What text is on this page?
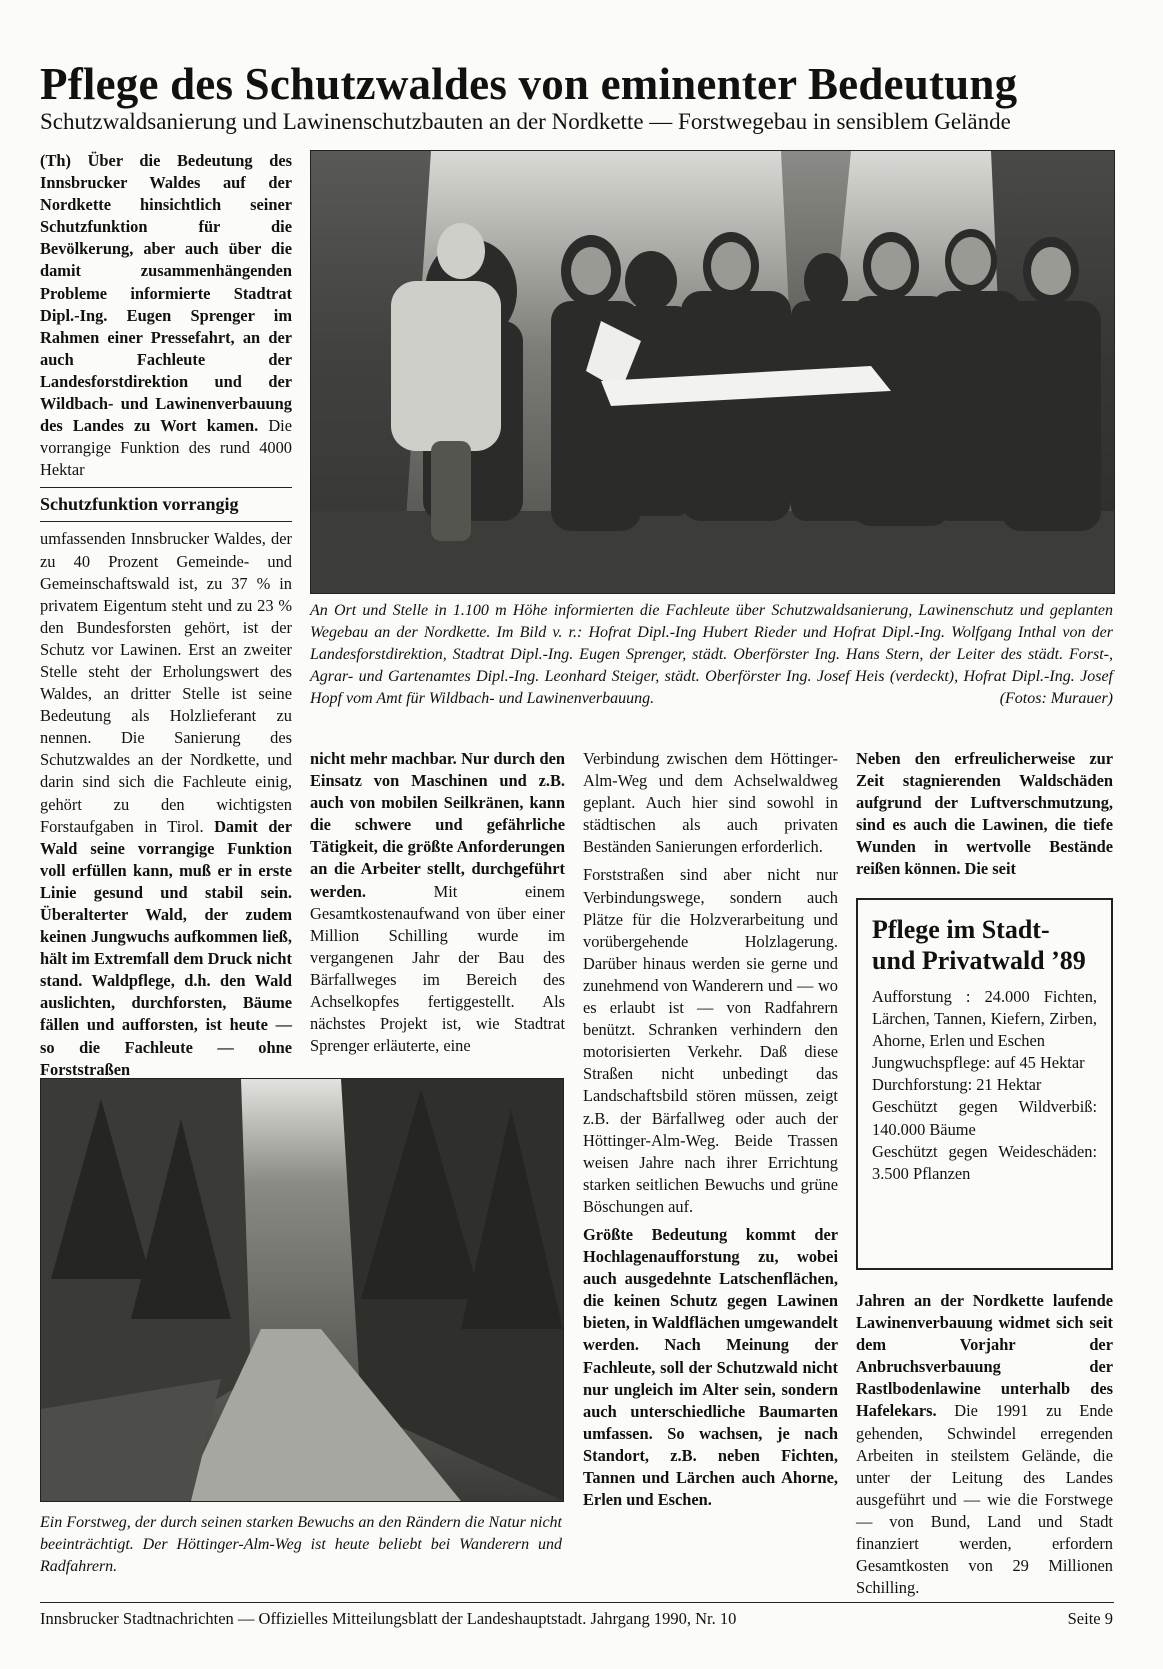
Pflege des Schutzwaldes von eminenter Bedeutung
Schutzwaldsanierung und Lawinenschutzbauten an der Nordkette — Forstwegebau in sensiblem Gelände

(Th) Über die Bedeutung des Innsbrucker Waldes auf der Nordkette hinsichtlich seiner Schutzfunktion für die Bevölkerung, aber auch über die damit zusammenhängenden Probleme informierte Stadtrat Dipl.-Ing. Eugen Sprenger im Rahmen einer Pressefahrt, an der auch Fachleute der Landesforstdirektion und der Wildbach- und Lawinenverbauung des Landes zu Wort kamen. Die vorrangige Funktion des rund 4000 Hektar

Schutzfunktion vorrangig

umfassenden Innsbrucker Waldes, der zu 40 Prozent Gemeinde- und Gemeinschaftswald ist, zu 37 % in privatem Eigentum steht und zu 23 % den Bundesforsten gehört, ist der Schutz vor Lawinen. Erst an zweiter Stelle steht der Erholungswert des Waldes, an dritter Stelle ist seine Bedeutung als Holzlieferant zu nennen. Die Sanierung des Schutzwaldes an der Nordkette, und darin sind sich die Fachleute einig, gehört zu den wichtigsten Forstaufgaben in Tirol. Damit der Wald seine vorrangige Funktion voll erfüllen kann, muß er in erste Linie gesund und stabil sein. Überalterter Wald, der zudem keinen Jungwuchs aufkommen ließ, hält im Extremfall dem Druck nicht stand. Waldpflege, d.h. den Wald auslichten, durchforsten, Bäume fällen und aufforsten, ist heute — so die Fachleute — ohne Forststraßen

An Ort und Stelle in 1.100 m Höhe informierten die Fachleute über Schutzwaldsanierung, Lawinenschutz und geplanten Wegebau an der Nordkette. Im Bild v. r.: Hofrat Dipl.-Ing Hubert Rieder und Hofrat Dipl.-Ing. Wolfgang Inthal von der Landesforstdirektion, Stadtrat Dipl.-Ing. Eugen Sprenger, städt. Oberförster Ing. Hans Stern, der Leiter des städt. Forst-, Agrar- und Gartenamtes Dipl.-Ing. Leonhard Steiger, städt. Oberförster Ing. Josef Heis (verdeckt), Hofrat Dipl.-Ing. Josef Hopf vom Amt für Wildbach- und Lawinenverbauung.	(Fotos: Murauer)

nicht mehr machbar. Nur durch den Einsatz von Maschinen und z.B. auch von mobilen Seilkränen, kann die schwere und gefährliche Tätigkeit, die größte Anforderungen an die Arbeiter stellt, durchgeführt werden.	Mit einem Gesamtkostenaufwand von über einer Million Schilling wurde im vergangenen Jahr der Bau des Bärfallweges im Bereich des Achselkopfes fertiggestellt. Als nächstes Projekt ist, wie Stadtrat Sprenger erläuterte, eine

Verbindung zwischen dem Höttinger-Alm-Weg und dem Achselwaldweg geplant. Auch hier sind sowohl in städtischen als auch privaten Beständen Sanierungen erforderlich.

Forststraßen sind aber nicht nur Verbindungswege, sondern auch Plätze für die Holzverarbeitung und vorübergehende Holzlagerung. Darüber hinaus werden sie gerne und zunehmend von Wanderern und — wo es erlaubt ist — von Radfahrern benützt. Schranken verhindern den motorisierten Verkehr. Daß diese Straßen nicht unbedingt das Landschaftsbild stören müssen, zeigt z.B. der Bärfallweg oder auch der Höttinger-Alm-Weg. Beide Trassen weisen Jahre nach ihrer Errichtung starken seitlichen Bewuchs und grüne Böschungen auf.

Größte Bedeutung kommt der Hochlagenaufforstung zu, wobei auch ausgedehnte Latschenflächen, die keinen Schutz gegen Lawinen bieten, in Waldflächen umgewandelt werden. Nach Meinung der Fachleute, soll der Schutzwald nicht nur ungleich im Alter sein, sondern auch unterschiedliche Baumarten umfassen. So wachsen, je nach Standort, z.B. neben Fichten, Tannen und Lärchen auch Ahorne, Erlen und Eschen.

Neben den erfreulicherweise zur Zeit stagnierenden Waldschäden aufgrund der Luftverschmutzung, sind es auch die Lawinen, die tiefe Wunden in wertvolle Bestände reißen können. Die seit

Pflege im Stadt- und Privatwald ’89
Aufforstung : 24.000 Fichten, Lärchen, Tannen, Kiefern, Zirben, Ahorne, Erlen und Eschen
Jungwuchspflege: auf 45 Hektar
Durchforstung: 21 Hektar
Geschützt gegen Wildverbiß: 140.000 Bäume
Geschützt gegen Weideschäden: 3.500 Pflanzen

Jahren an der Nordkette laufende Lawinenverbauung widmet sich seit dem Vorjahr der Anbruchsverbauung der Rastlbodenlawine unterhalb des Hafelekars. Die 1991 zu Ende gehenden, Schwindel erregenden Arbeiten in steilstem Gelände, die unter der Leitung des Landes ausgeführt und — wie die Forstwege — von Bund, Land und Stadt finanziert werden, erfordern Gesamtkosten von 29 Millionen Schilling.

Ein Forstweg, der durch seinen starken Bewuchs an den Rändern die Natur nicht beeinträchtigt. Der Höttinger-Alm-Weg ist heute beliebt bei Wanderern und Radfahrern.
Innsbrucker Stadtnachrichten — Offizielles Mitteilungsblatt der Landeshauptstadt. Jahrgang 1990, Nr. 10	Seite 9
